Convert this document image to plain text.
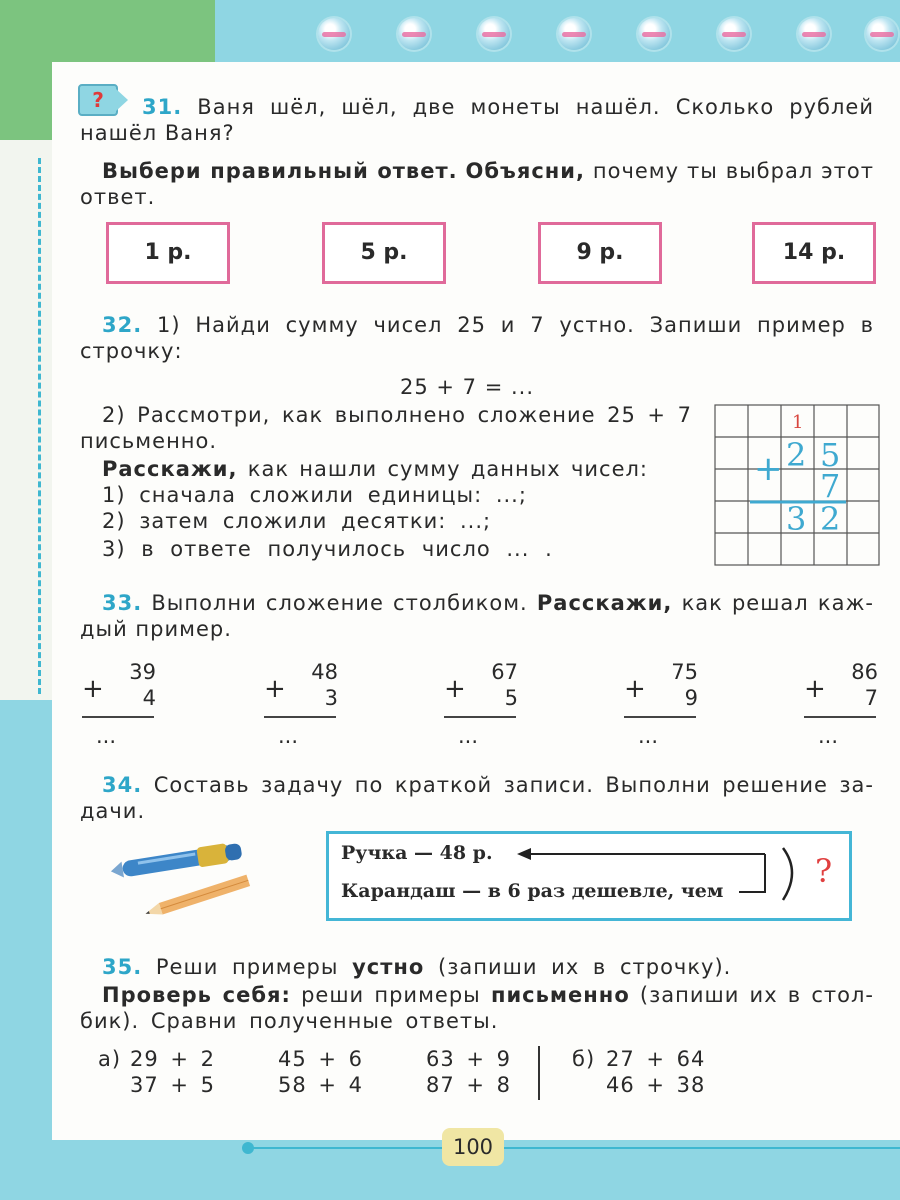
?	31. Ваня шёл, шёл, две монеты нашёл. Сколько рублей
нашёл Ваня?
Выбери правильный ответ. Объясни, почему ты выбрал этот
ответ.
1 р.	5 р.	9 р.	14 р.
32. 1) Найди сумму чисел 25 и 7 устно. Запиши пример в
строчку:
25 + 7 = ...
2) Рассмотри, как выполнено сложение 25 + 7
письменно.
Расскажи, как нашли сумму данных чисел:
1) сначала сложили единицы: ...;
2) затем сложили десятки: ...;
3) в ответе получилось число ... .
1
+ 2 5
7
3 2
33. Выполни сложение столбиком. Расскажи, как решал каж-
дый пример.
+
39
4
...
+
48
3
...
+
67
5
...
+
75
9
...
+
86
7
...
34. Составь задачу по краткой записи. Выполни решение за-
дачи.
Ручка — 48 р.
Карандаш — в 6 раз дешевле, чем
?
35. Реши примеры устно (запиши их в строчку).
Проверь себя: реши примеры письменно (запиши их в стол-
бик). Сравни полученные ответы.
а) 29 + 2
37 + 5
45 + 6
58 + 4
63 + 9
87 + 8
б) 27 + 64
46 + 38
100
